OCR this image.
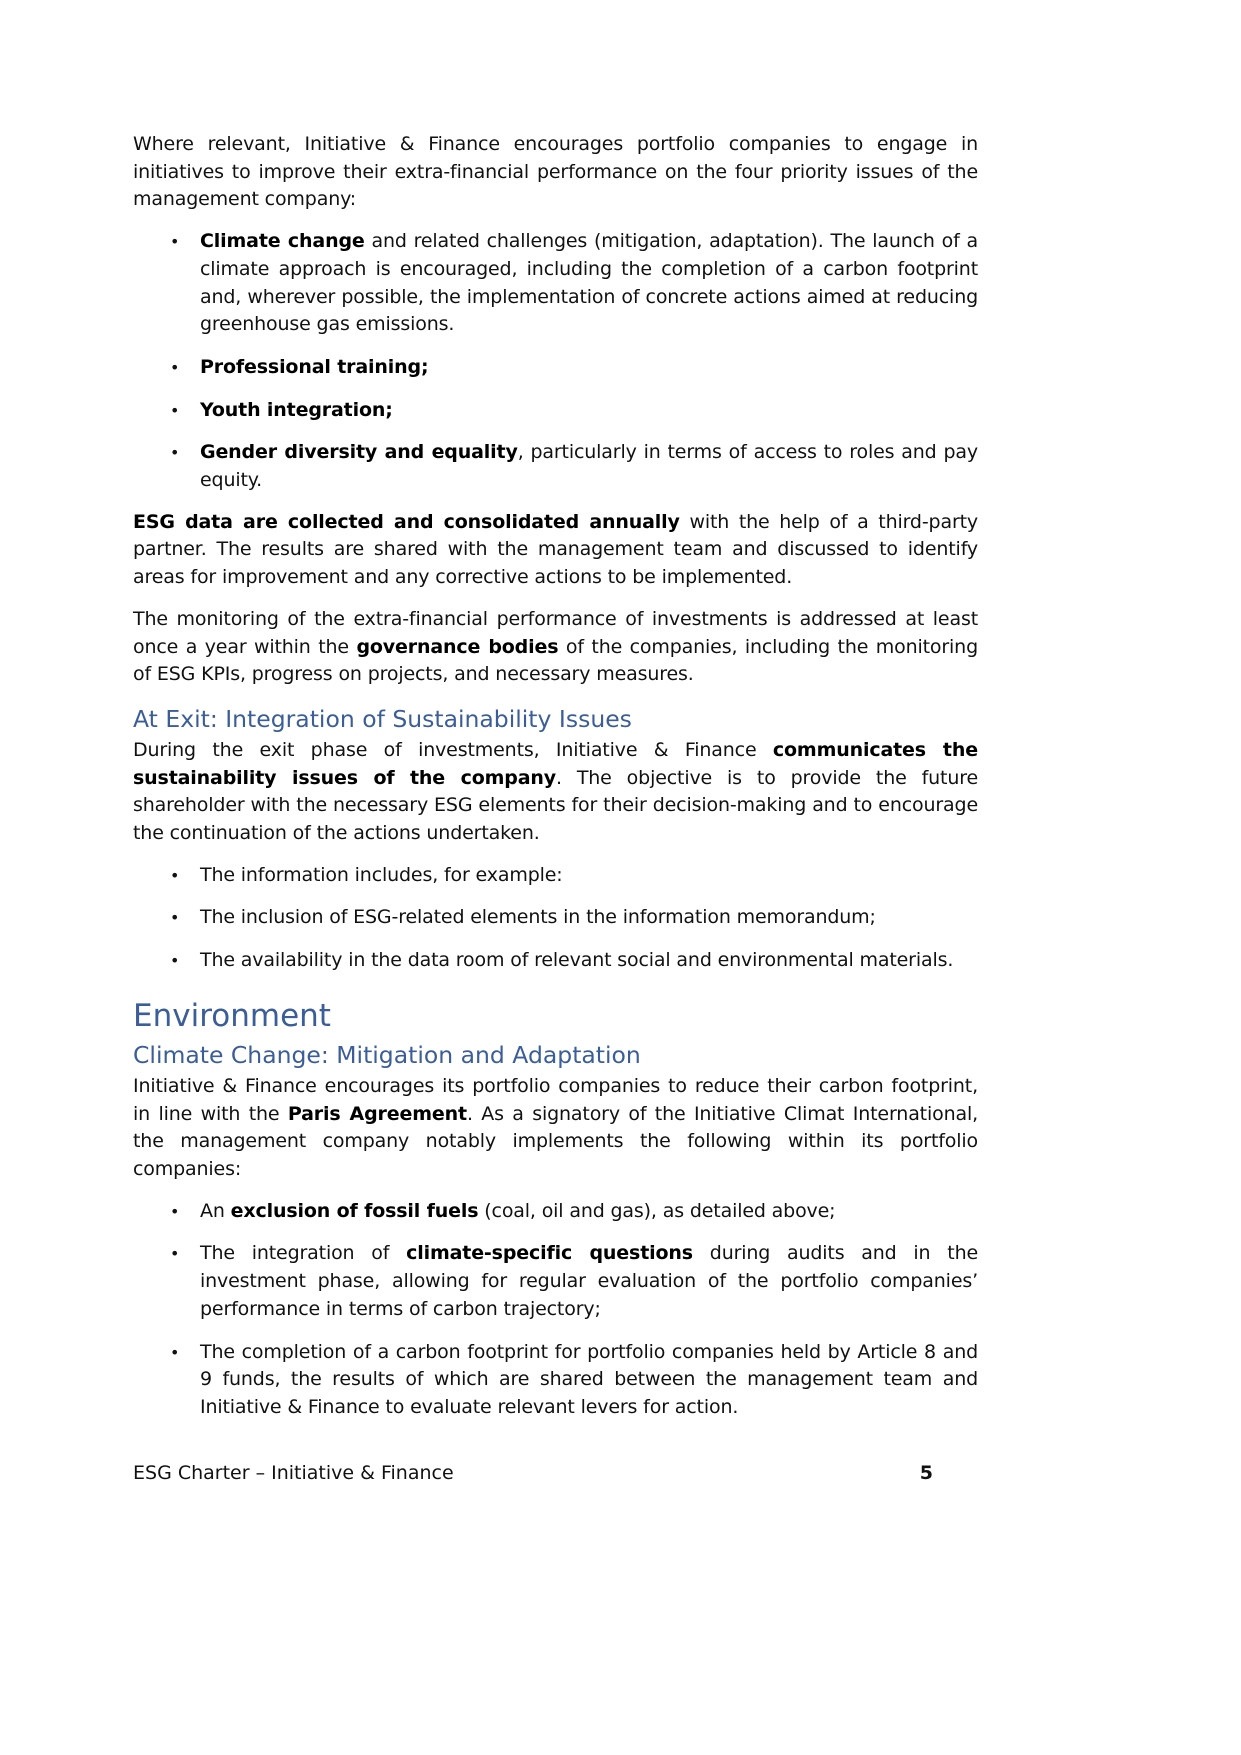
Where relevant, Initiative & Finance encourages portfolio companies to engage in initiatives to improve their extra-financial performance on the four priority issues of the management company:

• Climate change and related challenges (mitigation, adaptation). The launch of a climate approach is encouraged, including the completion of a carbon footprint and, wherever possible, the implementation of concrete actions aimed at reducing greenhouse gas emissions.
• Professional training;
• Youth integration;
• Gender diversity and equality, particularly in terms of access to roles and pay equity.

ESG data are collected and consolidated annually with the help of a third-party partner. The results are shared with the management team and discussed to identify areas for improvement and any corrective actions to be implemented.

The monitoring of the extra-financial performance of investments is addressed at least once a year within the governance bodies of the companies, including the monitoring of ESG KPIs, progress on projects, and necessary measures.

At Exit: Integration of Sustainability Issues

During the exit phase of investments, Initiative & Finance communicates the sustainability issues of the company. The objective is to provide the future shareholder with the necessary ESG elements for their decision-making and to encourage the continuation of the actions undertaken.

• The information includes, for example:
• The inclusion of ESG-related elements in the information memorandum;
• The availability in the data room of relevant social and environmental materials.
Environment
Climate Change: Mitigation and Adaptation

Initiative & Finance encourages its portfolio companies to reduce their carbon footprint, in line with the Paris Agreement. As a signatory of the Initiative Climat International, the management company notably implements the following within its portfolio companies:

• An exclusion of fossil fuels (coal, oil and gas), as detailed above;
• The integration of climate-specific questions during audits and in the investment phase, allowing for regular evaluation of the portfolio companies’ performance in terms of carbon trajectory;
• The completion of a carbon footprint for portfolio companies held by Article 8 and 9 funds, the results of which are shared between the management team and Initiative & Finance to evaluate relevant levers for action.
ESG Charter – Initiative & Finance	5
